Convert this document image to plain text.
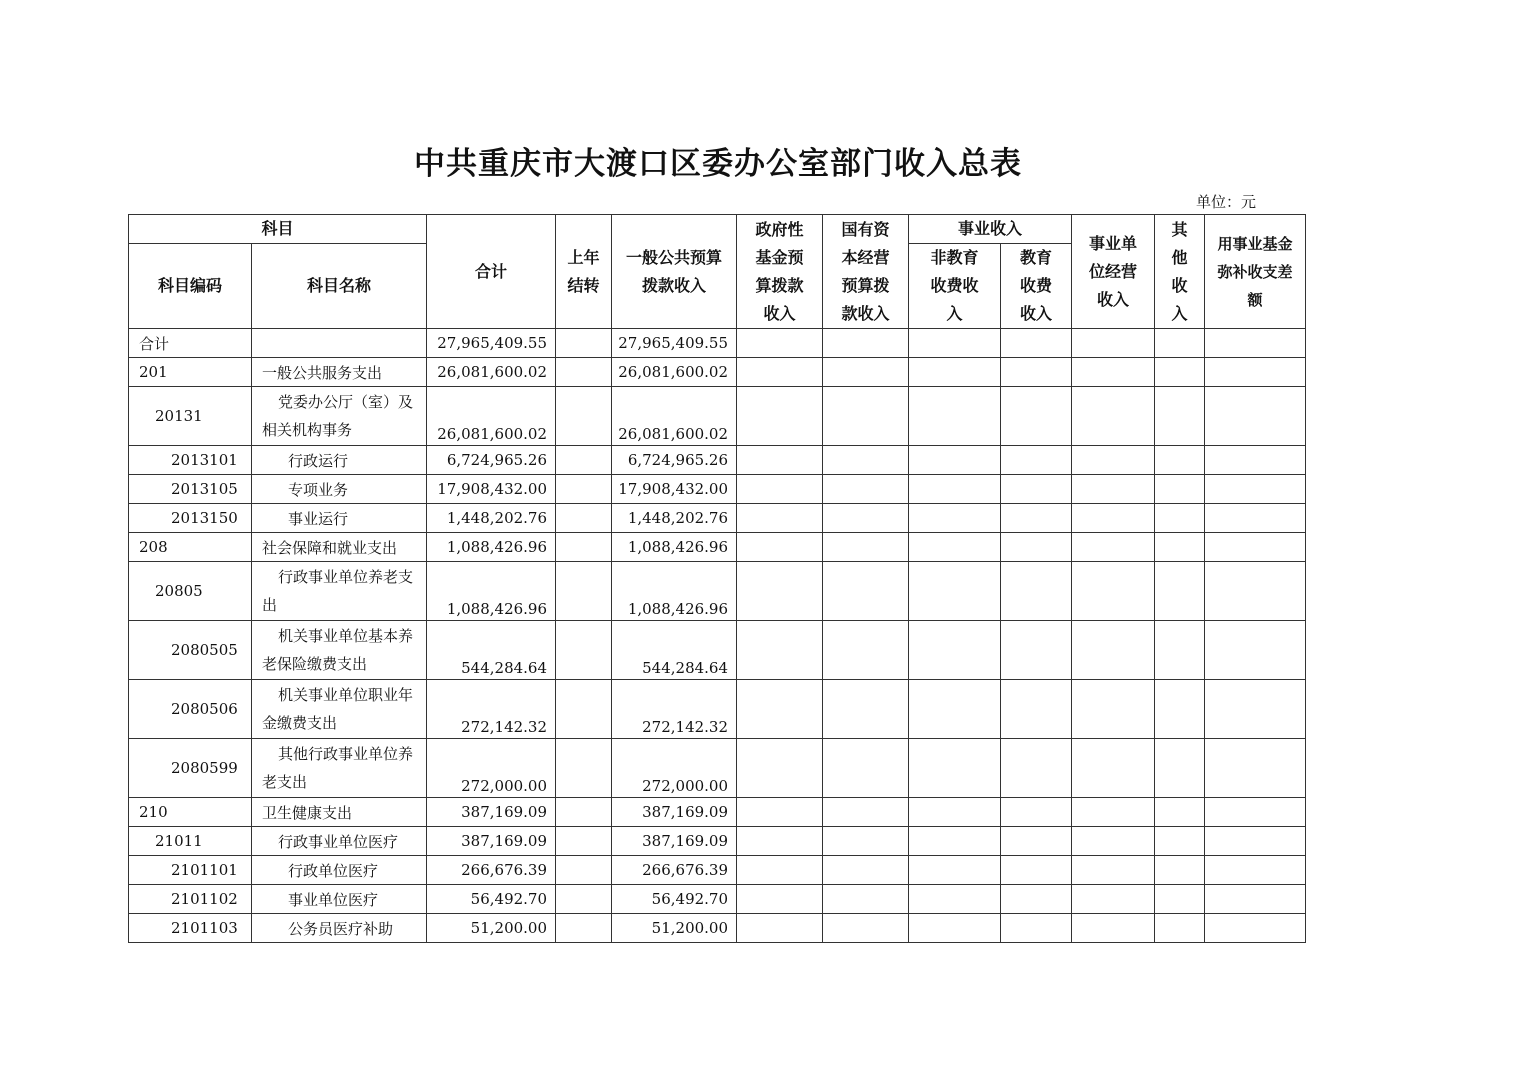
中共重庆市大渡口区委办公室部门收入总表
单位：元
科目		合计	上年结转	一般公共预算拨款收入	政府性基金预算拨款收入	国有资本经营预算拨款收入	事业收入		事业单位经营收入	其他收入	用事业基金弥补收支差额
科目编码	科目名称						非教育收费收入	教育收费收入			
合计		27,965,409.55		27,965,409.55							
201	一般公共服务支出	26,081,600.02		26,081,600.02							
20131	党委办公厅（室）及相关机构事务	26,081,600.02		26,081,600.02							
2013101	行政运行	6,724,965.26		6,724,965.26							
2013105	专项业务	17,908,432.00		17,908,432.00							
2013150	事业运行	1,448,202.76		1,448,202.76							
208	社会保障和就业支出	1,088,426.96		1,088,426.96							
20805	行政事业单位养老支出	1,088,426.96		1,088,426.96							
2080505	机关事业单位基本养老保险缴费支出	544,284.64		544,284.64							
2080506	机关事业单位职业年金缴费支出	272,142.32		272,142.32							
2080599	其他行政事业单位养老支出	272,000.00		272,000.00							
210	卫生健康支出	387,169.09		387,169.09							
21011	行政事业单位医疗	387,169.09		387,169.09							
2101101	行政单位医疗	266,676.39		266,676.39							
2101102	事业单位医疗	56,492.70		56,492.70							
2101103	公务员医疗补助	51,200.00		51,200.00							
